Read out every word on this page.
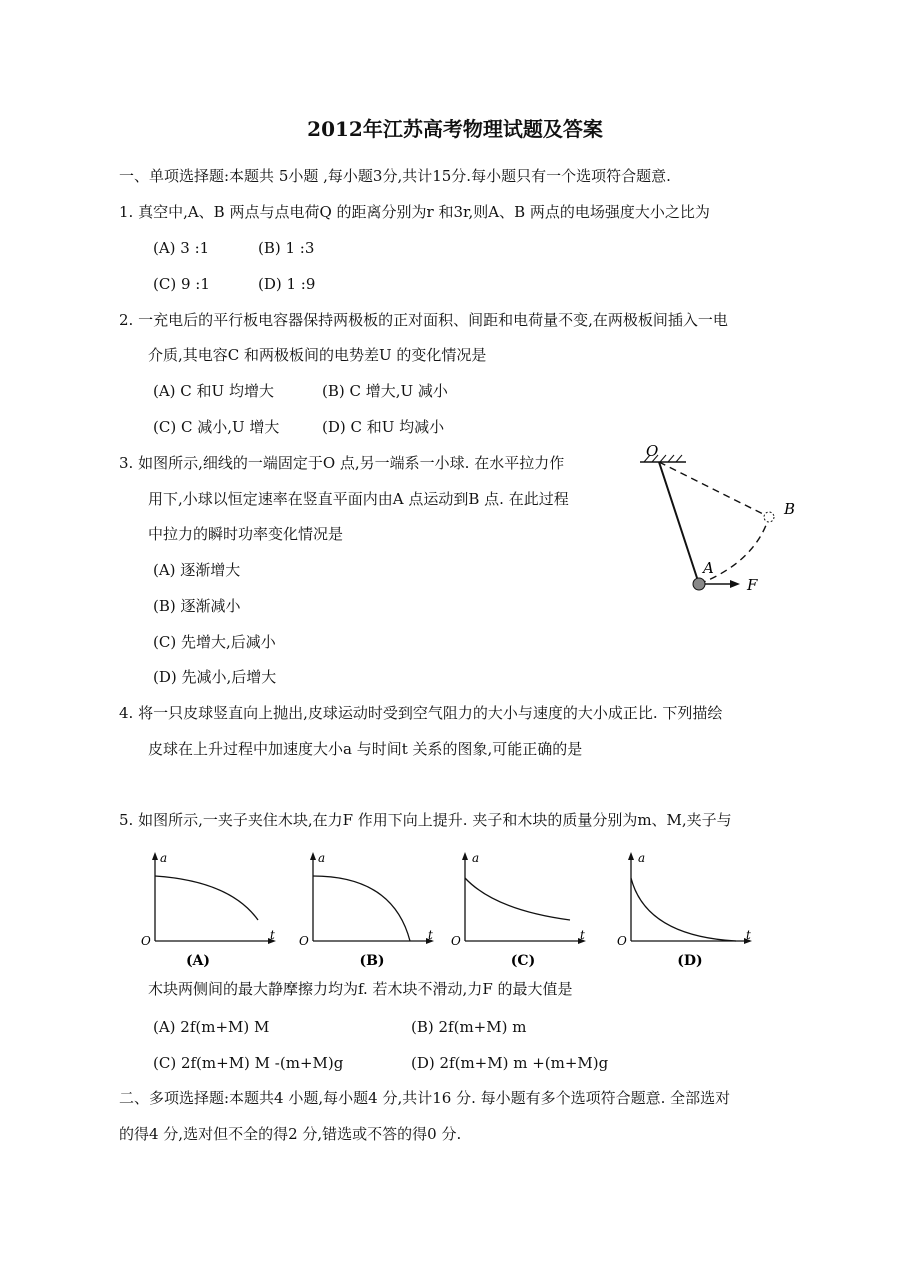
2012年江苏高考物理试题及答案
一、单项选择题:本题共 5小题 ,每小题3分,共计15分.每小题只有一个选项符合题意.
1. 真空中,A、B 两点与点电荷Q 的距离分别为r 和3r,则A、B 两点的电场强度大小之比为
(A) 3 :1	(B) 1 :3
(C) 9 :1	(D) 1 :9
2. 一充电后的平行板电容器保持两极板的正对面积、间距和电荷量不变,在两极板间插入一电
介质,其电容C 和两极板间的电势差U 的变化情况是
(A) C 和U 均增大	(B) C 增大,U 减小
(C) C 减小,U 增大	(D) C 和U 均减小
3. 如图所示,细线的一端固定于O 点,另一端系一小球. 在水平拉力作
用下,小球以恒定速率在竖直平面内由A 点运动到B 点. 在此过程
中拉力的瞬时功率变化情况是
(A) 逐渐增大
(B) 逐渐减小
(C) 先增大,后减小
(D) 先减小,后增大
O
B
A
F
4. 将一只皮球竖直向上抛出,皮球运动时受到空气阻力的大小与速度的大小成正比. 下列描绘
皮球在上升过程中加速度大小a 与时间t 关系的图象,可能正确的是
5. 如图所示,一夹子夹住木块,在力F 作用下向上提升. 夹子和木块的质量分别为m、M,夹子与
a
t
O
(A)
a
t
O
(B)
a
t
O
(C)
a
t
O
(D)
木块两侧间的最大静摩擦力均为f. 若木块不滑动,力F 的最大值是
(A) 2f(m+M) M	(B) 2f(m+M) m
(C) 2f(m+M) M -(m+M)g	(D) 2f(m+M) m +(m+M)g
二、多项选择题:本题共4 小题,每小题4 分,共计16 分. 每小题有多个选项符合题意. 全部选对
的得4 分,选对但不全的得2 分,错选或不答的得0 分.
